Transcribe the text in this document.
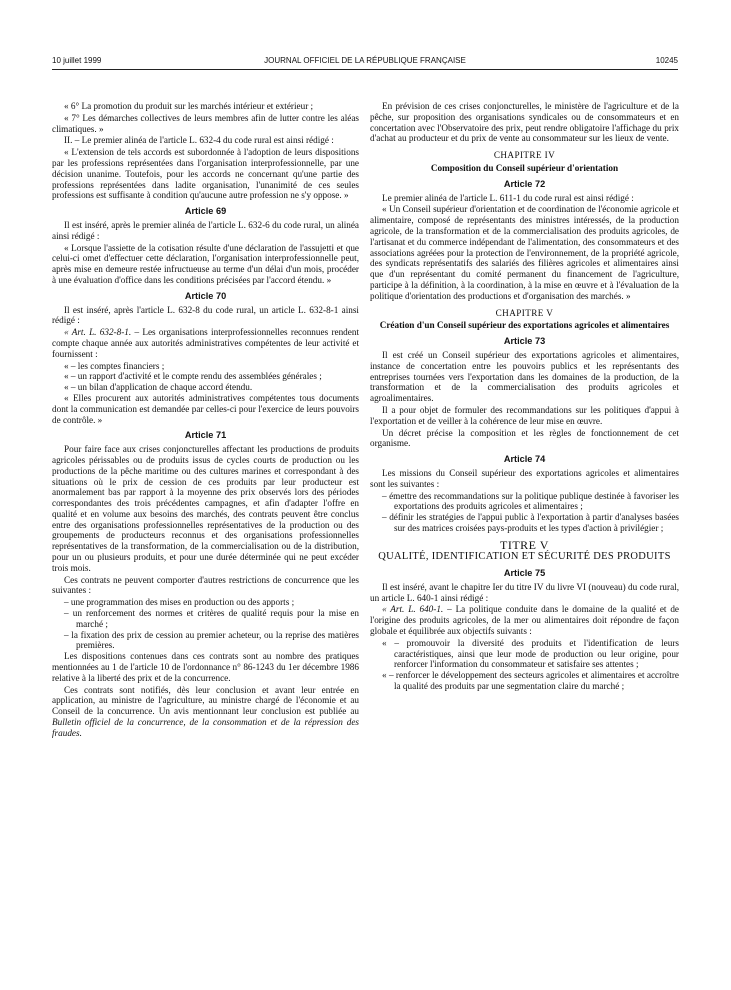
10 juillet 1999	JOURNAL OFFICIEL DE LA RÉPUBLIQUE FRANÇAISE	10245

« 6° La promotion du produit sur les marchés intérieur et extérieur ;

« 7° Les démarches collectives de leurs membres afin de lutter contre les aléas climatiques. »

II. – Le premier alinéa de l'article L. 632-4 du code rural est ainsi rédigé :

« L'extension de tels accords est subordonnée à l'adoption de leurs dispositions par les professions représentées dans l'organisation interprofessionnelle, par une décision unanime. Toutefois, pour les accords ne concernant qu'une partie des professions représentées dans ladite organisation, l'unanimité de ces seules professions est suffisante à condition qu'aucune autre profession ne s'y oppose. »

Article 69

Il est inséré, après le premier alinéa de l'article L. 632-6 du code rural, un alinéa ainsi rédigé :

« Lorsque l'assiette de la cotisation résulte d'une déclaration de l'assujetti et que celui-ci omet d'effectuer cette déclaration, l'organisation interprofessionnelle peut, après mise en demeure restée infructueuse au terme d'un délai d'un mois, procéder à une évaluation d'office dans les conditions précisées par l'accord étendu. »

Article 70

Il est inséré, après l'article L. 632-8 du code rural, un article L. 632-8-1 ainsi rédigé :

« Art. L. 632-8-1. – Les organisations interprofessionnelles reconnues rendent compte chaque année aux autorités administratives compétentes de leur activité et fournissent :

« – les comptes financiers ;

« – un rapport d'activité et le compte rendu des assemblées générales ;

« – un bilan d'application de chaque accord étendu.

« Elles procurent aux autorités administratives compétentes tous documents dont la communication est demandée par celles-ci pour l'exercice de leurs pouvoirs de contrôle. »

Article 71

Pour faire face aux crises conjoncturelles affectant les productions de produits agricoles périssables ou de produits issus de cycles courts de production ou les productions de la pêche maritime ou des cultures marines et correspondant à des situations où le prix de cession de ces produits par leur producteur est anormalement bas par rapport à la moyenne des prix observés lors des périodes correspondantes des trois précédentes campagnes, et afin d'adapter l'offre en qualité et en volume aux besoins des marchés, des contrats peuvent être conclus entre des organisations professionnelles représentatives de la production ou des groupements de producteurs reconnus et des organisations professionnelles représentatives de la transformation, de la commercialisation ou de la distribution, pour un ou plusieurs produits, et pour une durée déterminée qui ne peut excéder trois mois.

Ces contrats ne peuvent comporter d'autres restrictions de concurrence que les suivantes :

– une programmation des mises en production ou des apports ;

– un renforcement des normes et critères de qualité requis pour la mise en marché ;

– la fixation des prix de cession au premier acheteur, ou la reprise des matières premières.

Les dispositions contenues dans ces contrats sont au nombre des pratiques mentionnées au 1 de l'article 10 de l'ordonnance n° 86-1243 du 1er décembre 1986 relative à la liberté des prix et de la concurrence.

Ces contrats sont notifiés, dès leur conclusion et avant leur entrée en application, au ministre de l'agriculture, au ministre chargé de l'économie et au Conseil de la concurrence. Un avis mentionnant leur conclusion est publiée au Bulletin officiel de la concurrence, de la consommation et de la répression des fraudes.

En prévision de ces crises conjoncturelles, le ministère de l'agriculture et de la pêche, sur proposition des organisations syndicales ou de consommateurs et en concertation avec l'Observatoire des prix, peut rendre obligatoire l'affichage du prix d'achat au producteur et du prix de vente au consommateur sur les lieux de vente.

CHAPITRE IV
Composition du Conseil supérieur d'orientation
Article 72

Le premier alinéa de l'article L. 611-1 du code rural est ainsi rédigé :

« Un Conseil supérieur d'orientation et de coordination de l'économie agricole et alimentaire, composé de représentants des ministres intéressés, de la production agricole, de la transformation et de la commercialisation des produits agricoles, de l'artisanat et du commerce indépendant de l'alimentation, des consommateurs et des associations agréées pour la protection de l'environnement, de la propriété agricole, des syndicats représentatifs des salariés des filières agricoles et alimentaires ainsi que d'un représentant du comité permanent du financement de l'agriculture, participe à la définition, à la coordination, à la mise en œuvre et à l'évaluation de la politique d'orientation des productions et d'organisation des marchés. »

CHAPITRE V
Création d'un Conseil supérieur des exportations agricoles et alimentaires
Article 73

Il est créé un Conseil supérieur des exportations agricoles et alimentaires, instance de concertation entre les pouvoirs publics et les représentants des entreprises tournées vers l'exportation dans les domaines de la production, de la transformation et de la commercialisation des produits agricoles et agroalimentaires.

Il a pour objet de formuler des recommandations sur les politiques d'appui à l'exportation et de veiller à la cohérence de leur mise en œuvre.

Un décret précise la composition et les règles de fonctionnement de cet organisme.

Article 74

Les missions du Conseil supérieur des exportations agricoles et alimentaires sont les suivantes :

– émettre des recommandations sur la politique publique destinée à favoriser les exportations des produits agricoles et alimentaires ;

– définir les stratégies de l'appui public à l'exportation à partir d'analyses basées sur des matrices croisées pays-produits et les types d'action à privilégier ;

TITRE V
QUALITÉ, IDENTIFICATION ET SÉCURITÉ DES PRODUITS
Article 75

Il est inséré, avant le chapitre Ier du titre IV du livre VI (nouveau) du code rural, un article L. 640-1 ainsi rédigé :

« Art. L. 640-1. – La politique conduite dans le domaine de la qualité et de l'origine des produits agricoles, de la mer ou alimentaires doit répondre de façon globale et équilibrée aux objectifs suivants :

« – promouvoir la diversité des produits et l'identification de leurs caractéristiques, ainsi que leur mode de production ou leur origine, pour renforcer l'information du consommateur et satisfaire ses attentes ;

« – renforcer le développement des secteurs agricoles et alimentaires et accroître la qualité des produits par une segmentation claire du marché ;
